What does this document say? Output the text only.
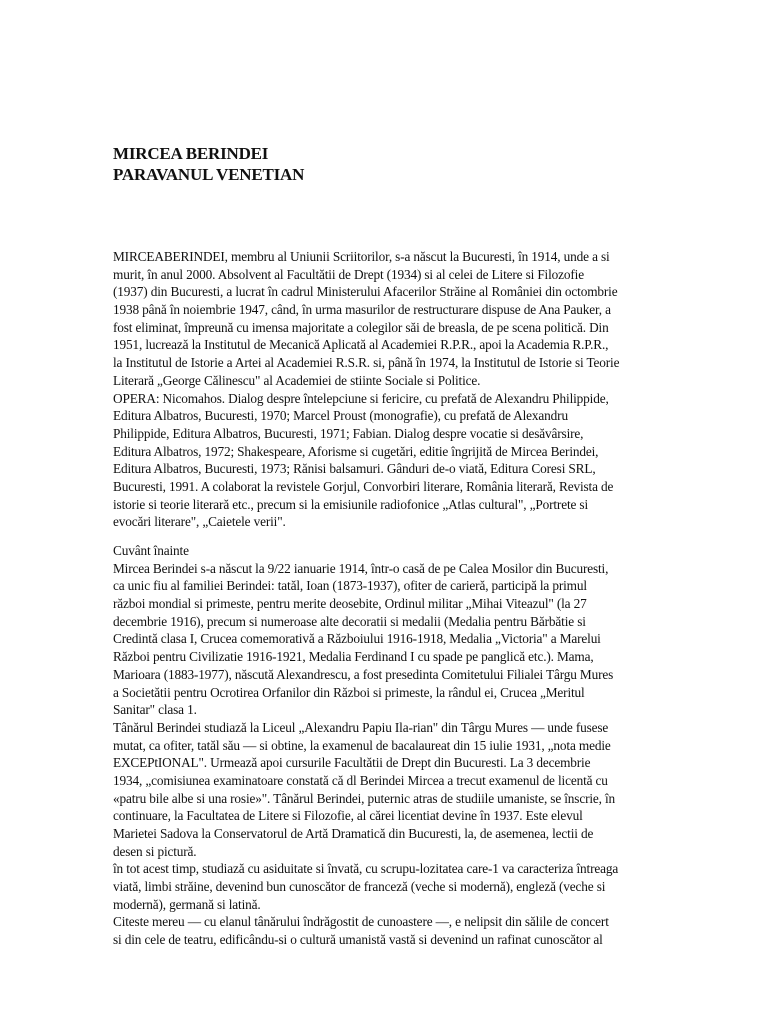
MIRCEA BERINDEI
PARAVANUL VENETIAN
MIRCEABERINDEI, membru al Uniunii Scriitorilor, s-a născut la Bucuresti, în 1914, unde a si
murit, în anul 2000. Absolvent al Facultătii de Drept (1934) si al celei de Litere si Filozofie
(1937) din Bucuresti, a lucrat în cadrul Ministerului Afacerilor Străine al României din octombrie
1938 până în noiembrie 1947, când, în urma masurilor de restructurare dispuse de Ana Pauker, a
fost eliminat, împreună cu imensa majoritate a colegilor săi de breasla, de pe scena politică. Din
1951, lucrează la Institutul de Mecanică Aplicată al Academiei R.P.R., apoi la Academia R.P.R.,
la Institutul de Istorie a Artei al Academiei R.S.R. si, până în 1974, la Institutul de Istorie si Teorie
Literară „George Călinescu" al Academiei de stiinte Sociale si Politice.
OPERA: Nicomahos. Dialog despre întelepciune si fericire, cu prefată de Alexandru Philippide,
Editura Albatros, Bucuresti, 1970; Marcel Proust (monografie), cu prefată de Alexandru
Philippide, Editura Albatros, Bucuresti, 1971; Fabian. Dialog despre vocatie si desăvârsire,
Editura Albatros, 1972; Shakespeare, Aforisme si cugetări, editie îngrijită de Mircea Berindei,
Editura Albatros, Bucuresti, 1973; Rănisi balsamuri. Gânduri de-o viată, Editura Coresi SRL,
Bucuresti, 1991. A colaborat la revistele Gorjul, Convorbiri literare, România literară, Revista de
istorie si teorie literară etc., precum si la emisiunile radiofonice „Atlas cultural", „Portrete si
evocări literare", „Caietele verii".
Cuvânt înainte
Mircea Berindei s-a născut la 9/22 ianuarie 1914, într-o casă de pe Calea Mosilor din Bucuresti,
ca unic fiu al familiei Berindei: tatăl, Ioan (1873-1937), ofiter de carieră, participă la primul
război mondial si primeste, pentru merite deosebite, Ordinul militar „Mihai Viteazul" (la 27
decembrie 1916), precum si numeroase alte decoratii si medalii (Medalia pentru Bărbătie si
Credintă clasa I, Crucea comemorativă a Războiului 1916-1918, Medalia „Victoria" a Marelui
Război pentru Civilizatie 1916-1921, Medalia Ferdinand I cu spade pe panglică etc.). Mama,
Marioara (1883-1977), născută Alexandrescu, a fost presedinta Comitetului Filialei Târgu Mures
a Societătii pentru Ocrotirea Orfanilor din Război si primeste, la rândul ei, Crucea „Meritul
Sanitar" clasa 1.
Tânărul Berindei studiază la Liceul „Alexandru Papiu Ila-rian" din Târgu Mures — unde fusese
mutat, ca ofiter, tatăl său — si obtine, la examenul de bacalaureat din 15 iulie 1931, „nota medie
EXCEPtIONAL". Urmează apoi cursurile Facultătii de Drept din Bucuresti. La 3 decembrie
1934, „comisiunea examinatoare constată că dl Berindei Mircea a trecut examenul de licentă cu
«patru bile albe si una rosie»". Tânărul Berindei, puternic atras de studiile umaniste, se înscrie, în
continuare, la Facultatea de Litere si Filozofie, al cărei licentiat devine în 1937. Este elevul
Marietei Sadova la Conservatorul de Artă Dramatică din Bucuresti, la, de asemenea, lectii de
desen si pictură.
în tot acest timp, studiază cu asiduitate si învată, cu scrupu-lozitatea care-1 va caracteriza întreaga
viată, limbi străine, devenind bun cunoscător de franceză (veche si modernă), engleză (veche si
modernă), germană si latină.
Citeste mereu — cu elanul tânărului îndrăgostit de cunoastere —, e nelipsit din sălile de concert
si din cele de teatru, edificându-si o cultură umanistă vastă si devenind un rafinat cunoscător al
